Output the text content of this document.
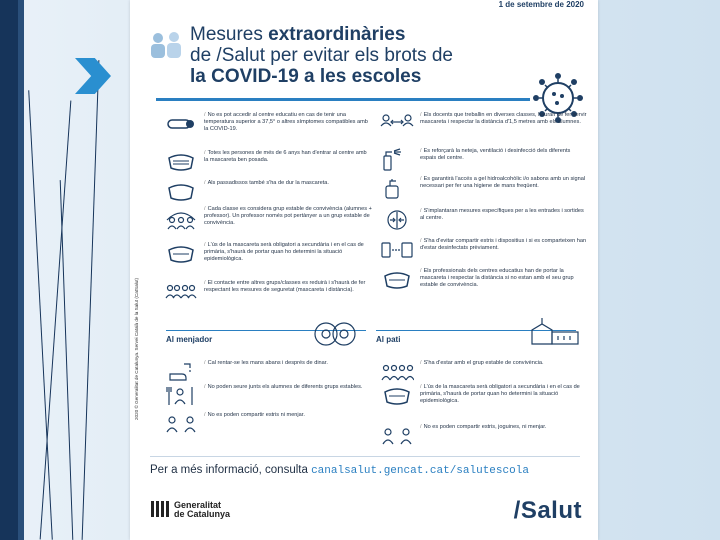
1 de setembre de 2020
Mesures extraordinàries
de /Salut per evitar els brots de
la COVID-19 a les escoles
2020 © Generalitat de Catalunya. Servei Català de la Salut (CatSalut)
/ No es pot accedir al centre educatiu en cas de tenir una temperatura superior a 37,5° o altres símptomes compatibles amb la COVID-19.
/ Totes les persones de més de 6 anys han d'entrar al centre amb la mascareta ben posada.
/ Als passadissos també s'ha de dur la mascareta.
/ Cada classe es considera grup estable de convivència (alumnes + professor). Un professor només pot pertànyer a un grup estable de convivència.
/ L'ús de la mascareta serà obligatori a secundària i en el cas de primària, s'haurà de portar quan ho determini la situació epidemiològica.
/ El contacte entre altres grups/classes es reduirà i s'haurà de fer respectant les mesures de seguretat (mascareta i distància).
/ Els docents que treballin en diverses classes, hauran de fer servir mascareta i respectar la distància d'1,5 metres amb els alumnes.
/ Es reforçarà la neteja, ventilació i desinfecció dels diferents espais del centre.
/ Es garantirà l'accés a gel hidroalcohòlic i/o sabons amb un signal necessari per fer una higiene de mans freqüent.
/ S'implantaran mesures específiques per a les entrades i sortides al centre.
/ S'ha d'evitar compartir estris i dispositius i si es comparteixen han d'estar desinfectats prèviament.
/ Els professionals dels centres educatius han de portar la mascareta i respectar la distància si no estan amb el seu grup estable de convivència.
Al menjador
/ Cal rentar-se les mans abans i després de dinar.
/ No poden seure junts els alumnes de diferents grups estables.
/ No es poden compartir estris ni menjar.
Al pati
/ S'ha d'estar amb el grup estable de convivència.
/ L'ús de la mascareta serà obligatori a secundària i en el cas de primària, s'haurà de portar quan ho determini la situació epidemiològica.
/ No es poden compartir estris, joguines, ni menjar.
Per a més informació, consulta canalsalut.gencat.cat/salutescola
Generalitat
de Catalunya	/Salut
